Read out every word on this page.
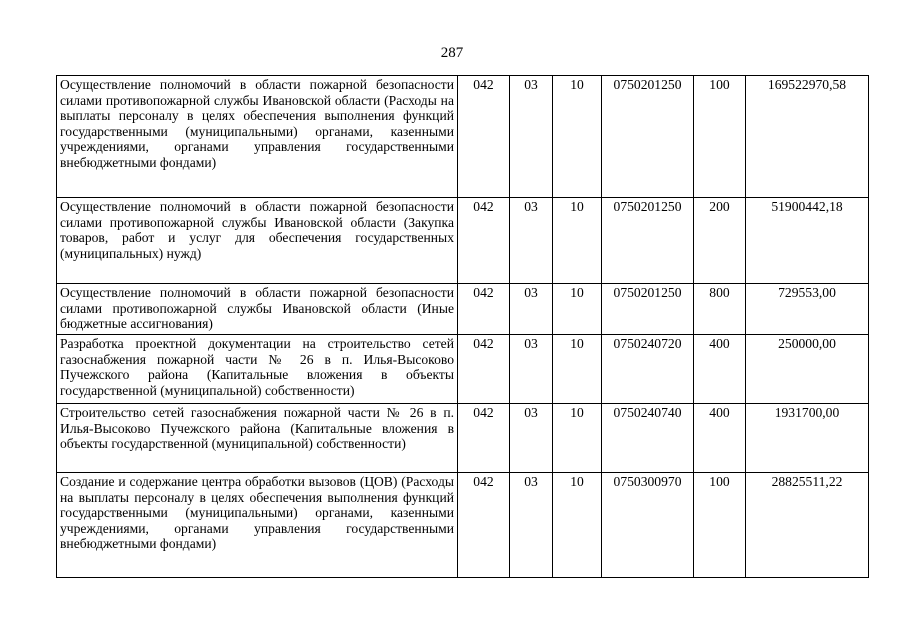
287
Осуществление полномочий в области пожарной безопасности силами противопожарной службы Ивановской области (Расходы на выплаты персоналу в целях обеспечения выполнения функций государственными (муниципальными) органами, казенными учреждениями, органами управления государственными внебюджетными фондами)	042	03	10	0750201250	100	169522970,58
Осуществление полномочий в области пожарной безопасности силами противопожарной службы Ивановской области (Закупка товаров, работ и услуг для обеспечения государственных (муниципальных) нужд)	042	03	10	0750201250	200	51900442,18
Осуществление полномочий в области пожарной безопасности силами противопожарной службы Ивановской области (Иные бюджетные ассигнования)	042	03	10	0750201250	800	729553,00
Разработка проектной документации на строительство сетей газоснабжения пожарной части № 26 в п. Илья-Высоково Пучежского района (Капитальные вложения в объекты государственной (муниципальной) собственности)	042	03	10	0750240720	400	250000,00
Строительство сетей газоснабжения пожарной части № 26 в п. Илья-Высоково Пучежского района (Капитальные вложения в объекты государственной (муниципальной) собственности)	042	03	10	0750240740	400	1931700,00
Создание и содержание центра обработки вызовов (ЦОВ) (Расходы на выплаты персоналу в целях обеспечения выполнения функций государственными (муниципальными) органами, казенными учреждениями, органами управления государственными внебюджетными фондами)	042	03	10	0750300970	100	28825511,22
